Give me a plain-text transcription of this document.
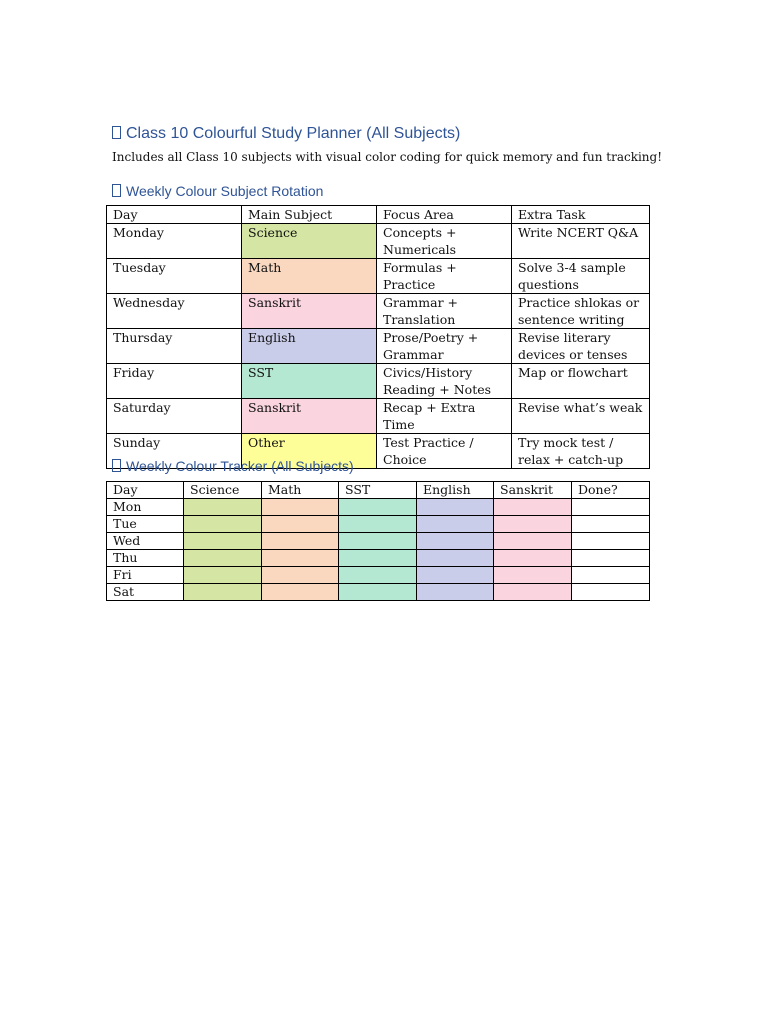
Class 10 Colourful Study Planner (All Subjects)
Includes all Class 10 subjects with visual color coding for quick memory and fun tracking!
Weekly Colour Subject Rotation
Day	Main Subject	Focus Area	Extra Task
Monday	Science	Concepts + Numericals	Write NCERT Q&A
Tuesday	Math	Formulas + Practice	Solve 3-4 sample questions
Wednesday	Sanskrit	Grammar + Translation	Practice shlokas or sentence writing
Thursday	English	Prose/Poetry + Grammar	Revise literary devices or tenses
Friday	SST	Civics/History Reading + Notes	Map or flowchart
Saturday	Sanskrit	Recap + Extra Time	Revise what’s weak
Sunday	Other	Test Practice / Choice	Try mock test / relax + catch-up
Weekly Colour Tracker (All Subjects)
Day	Science	Math	SST	English	Sanskrit	Done?
Mon						
Tue						
Wed						
Thu						
Fri						
Sat						
